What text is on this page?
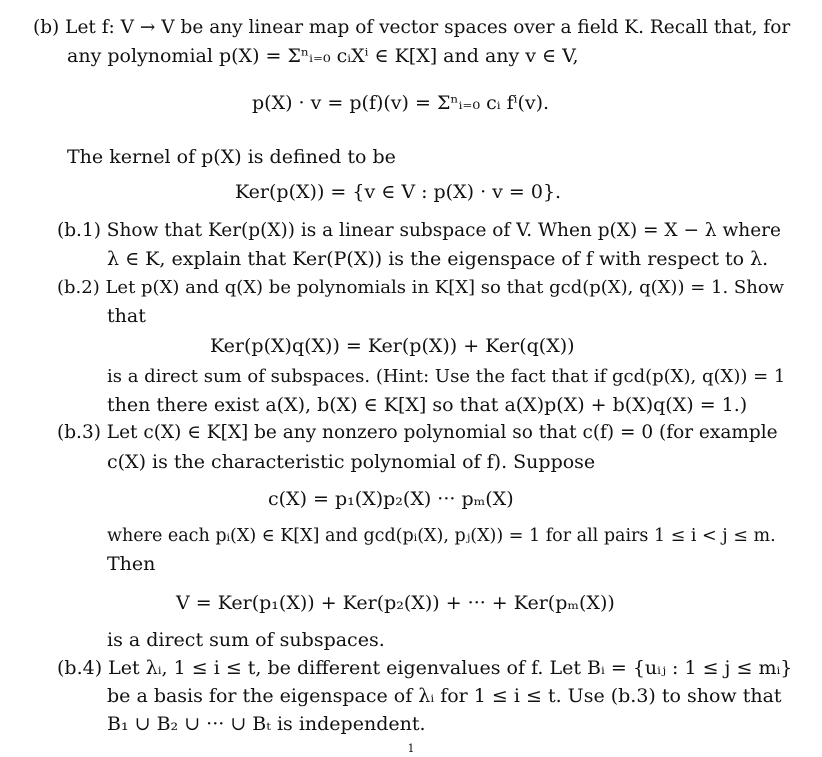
(b) Let f: V → V be any linear map of vector spaces over a field K. Recall that, for
any polynomial p(X) = Σⁿᵢ₌₀ cᵢXⁱ ∈ K[X] and any v ∈ V,
p(X) · v = p(f)(v) = Σⁿᵢ₌₀ cᵢ fⁱ(v).
The kernel of p(X) is defined to be
Ker(p(X)) = {v ∈ V : p(X) · v = 0}.
(b.1) Show that Ker(p(X)) is a linear subspace of V. When p(X) = X − λ where
λ ∈ K, explain that Ker(P(X)) is the eigenspace of f with respect to λ.
(b.2) Let p(X) and q(X) be polynomials in K[X] so that gcd(p(X), q(X)) = 1. Show
that
Ker(p(X)q(X)) = Ker(p(X)) + Ker(q(X))
is a direct sum of subspaces. (Hint: Use the fact that if gcd(p(X), q(X)) = 1
then there exist a(X), b(X) ∈ K[X] so that a(X)p(X) + b(X)q(X) = 1.)
(b.3) Let c(X) ∈ K[X] be any nonzero polynomial so that c(f) = 0 (for example
c(X) is the characteristic polynomial of f). Suppose
c(X) = p₁(X)p₂(X) ··· pₘ(X)
where each pᵢ(X) ∈ K[X] and gcd(pᵢ(X), pⱼ(X)) = 1 for all pairs 1 ≤ i < j ≤ m.
Then
V = Ker(p₁(X)) + Ker(p₂(X)) + ··· + Ker(pₘ(X))
is a direct sum of subspaces.
(b.4) Let λᵢ, 1 ≤ i ≤ t, be different eigenvalues of f. Let Bᵢ = {uᵢⱼ : 1 ≤ j ≤ mᵢ}
be a basis for the eigenspace of λᵢ for 1 ≤ i ≤ t. Use (b.3) to show that
B₁ ∪ B₂ ∪ ··· ∪ Bₜ is independent.
1
